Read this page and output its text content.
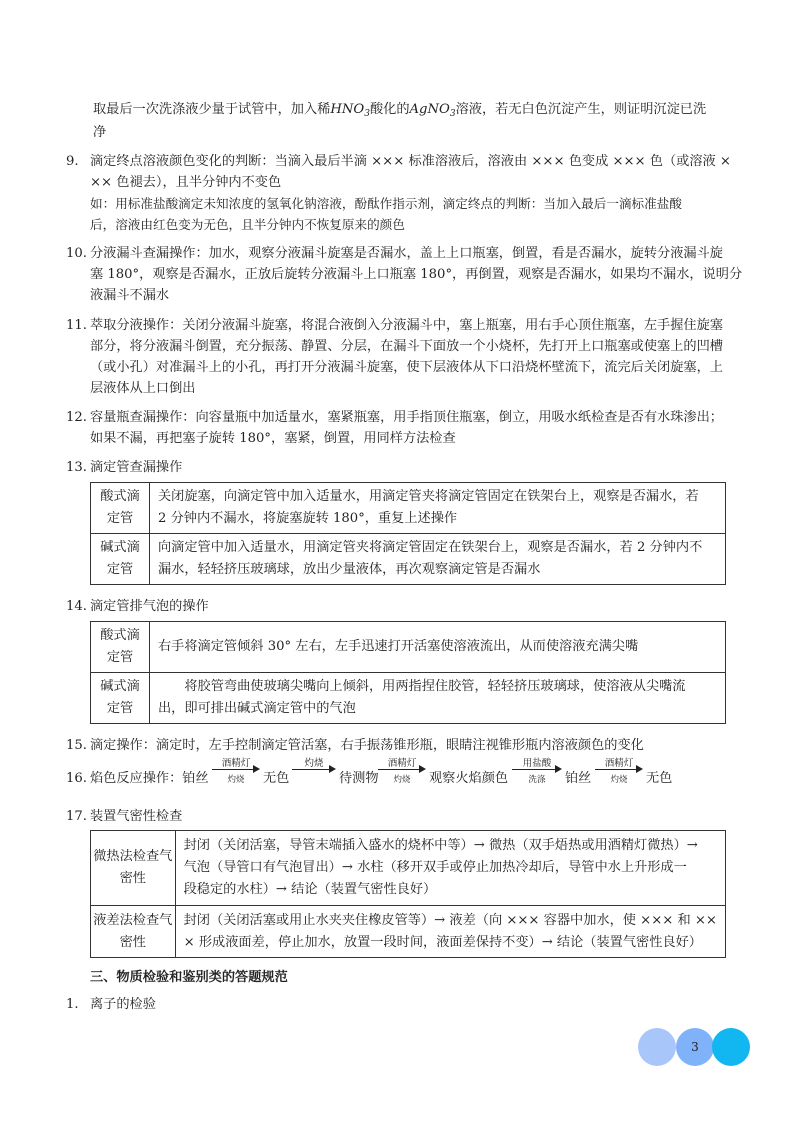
取最后一次洗涤液少量于试管中，加入稀$HNO_3$酸化的AgNO$_3$溶液，若无白色沉淀产生，则证明沉淀已洗
净
9. 滴定终点溶液颜色变化的判断：当滴入最后半滴 ××× 标准溶液后，溶液由 ××× 色变成 ××× 色（或溶液 ×
×× 色褪去），且半分钟内不变色
如：用标准盐酸滴定未知浓度的氢氧化钠溶液，酚酞作指示剂，滴定终点的判断：当加入最后一滴标准盐酸
后，溶液由红色变为无色，且半分钟内不恢复原来的颜色
10. 分液漏斗查漏操作：加水，观察分液漏斗旋塞是否漏水，盖上上口瓶塞，倒置，看是否漏水，旋转分液漏斗旋
塞 180°，观察是否漏水，正放后旋转分液漏斗上口瓶塞 180°，再倒置，观察是否漏水，如果均不漏水，说明分
液漏斗不漏水
11. 萃取分液操作：关闭分液漏斗旋塞，将混合液倒入分液漏斗中，塞上瓶塞，用右手心顶住瓶塞，左手握住旋塞
部分，将分液漏斗倒置，充分振荡、静置、分层，在漏斗下面放一个小烧杯，先打开上口瓶塞或使塞上的凹槽
（或小孔）对准漏斗上的小孔，再打开分液漏斗旋塞，使下层液体从下口沿烧杯壁流下，流完后关闭旋塞，上
层液体从上口倒出
12. 容量瓶查漏操作：向容量瓶中加适量水，塞紧瓶塞，用手指顶住瓶塞，倒立，用吸水纸检查是否有水珠渗出；
如果不漏，再把塞子旋转 180°，塞紧，倒置，用同样方法检查
13. 滴定管查漏操作
酸式滴
定管	关闭旋塞，向滴定管中加入适量水，用滴定管夹将滴定管固定在铁架台上，观察是否漏水，若
2 分钟内不漏水，将旋塞旋转 180°，重复上述操作

碱式滴
定管	向滴定管中加入适量水，用滴定管夹将滴定管固定在铁架台上，观察是否漏水，若 2 分钟内不
漏水，轻轻挤压玻璃球，放出少量液体，再次观察滴定管是否漏水
14. 滴定管排气泡的操作
酸式滴
定管	右手将滴定管倾斜 30° 左右，左手迅速打开活塞使溶液流出，从而使溶液充满尖嘴

碱式滴
定管	　　将胶管弯曲使玻璃尖嘴向上倾斜，用两指捏住胶管，轻轻挤压玻璃球，使溶液从尖嘴流
出，即可排出碱式滴定管中的气泡
15. 滴定操作：滴定时，左手控制滴定管活塞，右手振荡锥形瓶，眼睛注视锥形瓶内溶液颜色的变化
16. 焰色反应操作：铂丝
酒精灯
灼烧	无色
灼烧
待测物
酒精灯
灼烧	观察火焰颜色
用盐酸
洗涤	铂丝
酒精灯
灼烧	无色
17. 装置气密性检查
微热法检查气
密性	封闭（关闭活塞，导管末端插入盛水的烧杯中等）→ 微热（双手焐热或用酒精灯微热）→
气泡（导管口有气泡冒出）→ 水柱（移开双手或停止加热冷却后，导管中水上升形成一
段稳定的水柱）→ 结论（装置气密性良好）

液差法检查气
密性	封闭（关闭活塞或用止水夹夹住橡皮管等）→ 液差（向 ××× 容器中加水，使 ××× 和 ××
× 形成液面差，停止加水，放置一段时间，液面差保持不变）→ 结论（装置气密性良好）
三、物质检验和鉴别类的答题规范
1. 离子的检验
3
